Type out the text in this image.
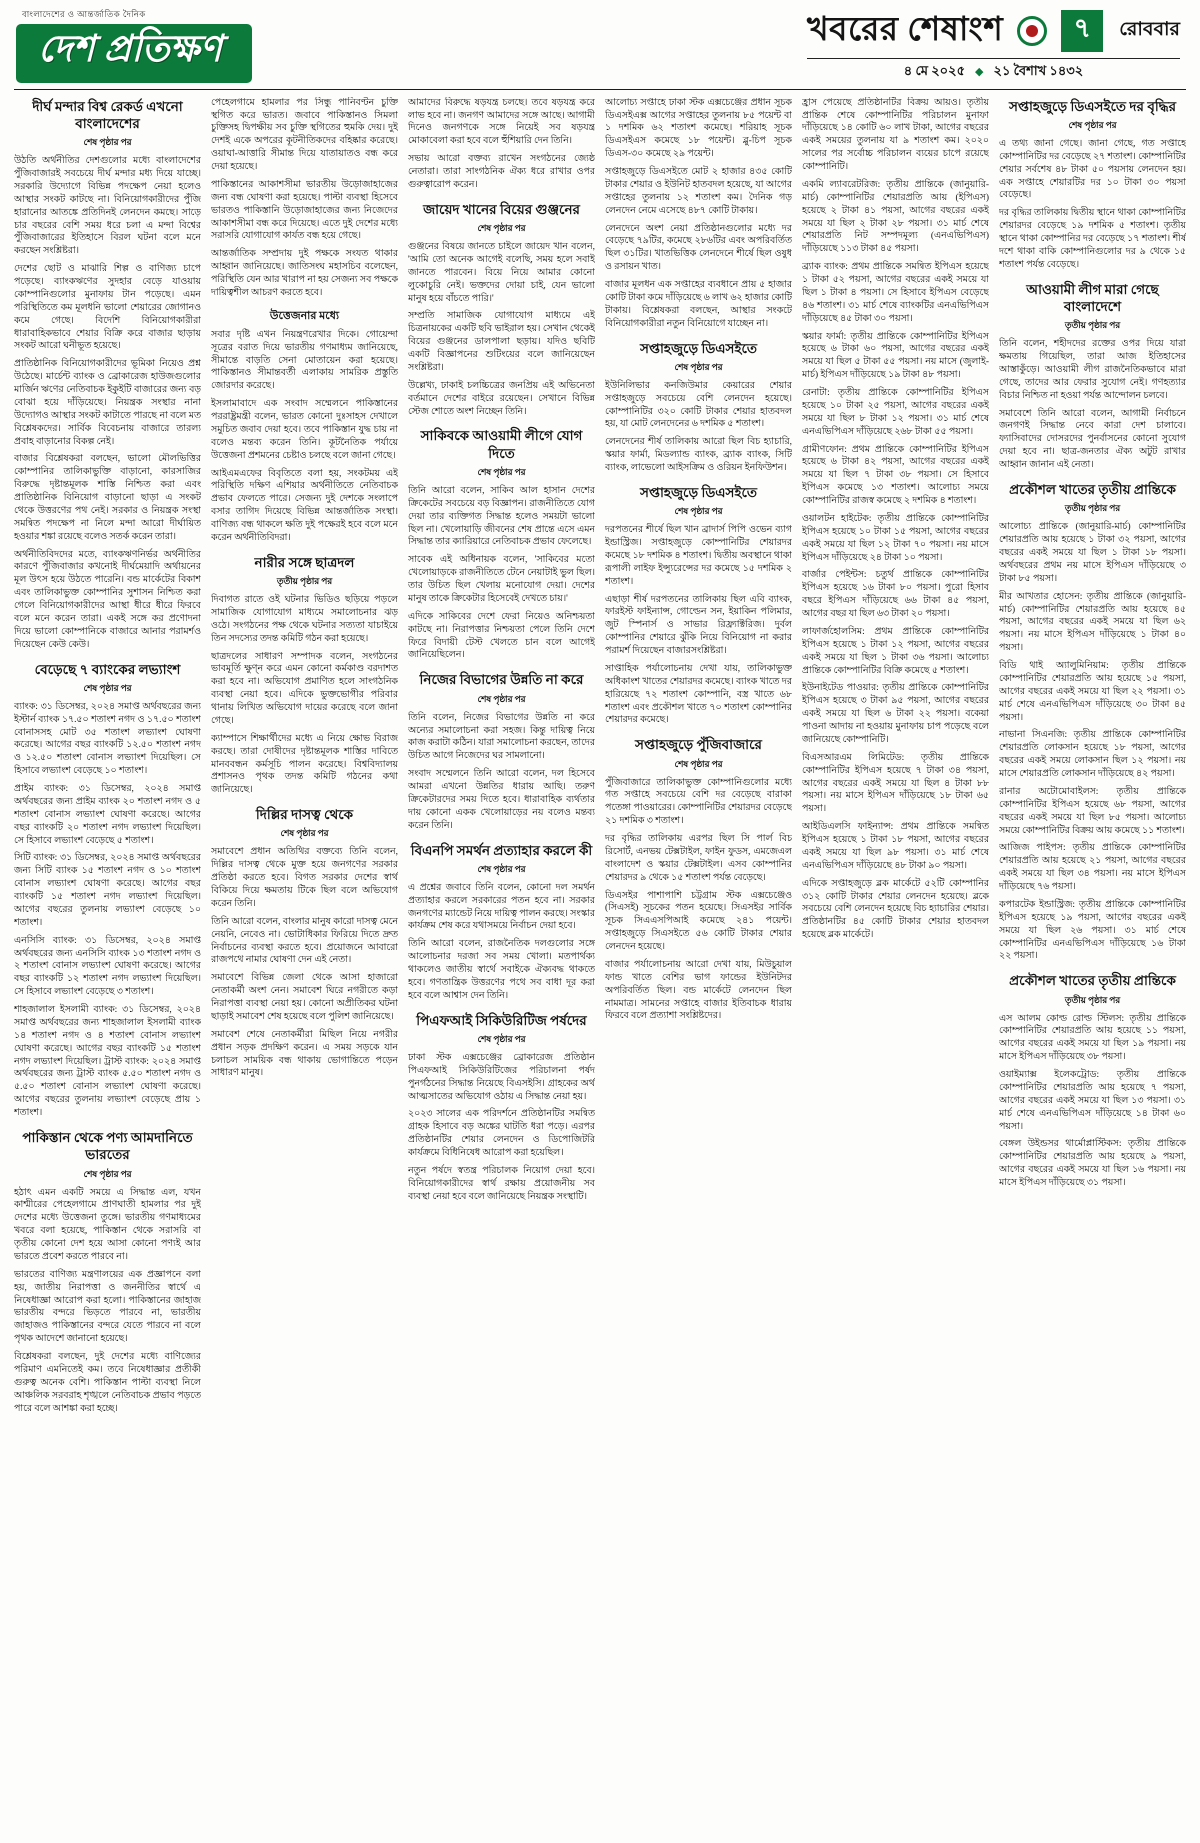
বাংলাদেশের ও আন্তর্জাতিক দৈনিক
দেশ প্রতিক্ষণ	খবরের শেষাংশ	৭	রোববার
৪ মে ২০২৫ ◆ ২১ বৈশাখ ১৪৩২
দীর্ঘ মন্দার বিশ্ব রেকর্ড এখনো বাংলাদেশের
শেষ পৃষ্ঠার পর

উঠতি অর্থনীতির দেশগুলোর মধ্যে বাংলাদেশের পুঁজিবাজারই সবচেয়ে দীর্ঘ মন্দার মধ্য দিয়ে যাচ্ছে। সরকারি উদ্যোগে বিভিন্ন পদক্ষেপ নেয়া হলেও আস্থার সংকট কাটছে না। বিনিয়োগকারীদের পুঁজি হারানোর আতঙ্কে প্রতিদিনই লেনদেন কমছে। সাড়ে চার বছরের বেশি সময় ধরে চলা এ মন্দা বিশ্বের পুঁজিবাজারের ইতিহাসে বিরল ঘটনা বলে মনে করছেন সংশ্লিষ্টরা।

দেশের ছোট ও মাঝারি শিল্প ও বাণিজ্য চাপে পড়েছে। ব্যাংকঋণের সুদহার বেড়ে যাওয়ায় কোম্পানিগুলোর মুনাফায় টান পড়েছে। এমন পরিস্থিতিতে কম মূলধনি ভালো শেয়ারের জোগানও কমে গেছে। বিদেশি বিনিয়োগকারীরা ধারাবাহিকভাবে শেয়ার বিক্রি করে বাজার ছাড়ায় সংকট আরো ঘনীভূত হয়েছে।

প্রাতিষ্ঠানিক বিনিয়োগকারীদের ভূমিকা নিয়েও প্রশ্ন উঠেছে। মার্চেন্ট ব্যাংক ও ব্রোকারেজ হাউজগুলোর মার্জিন ঋণের নেতিবাচক ইকুইটি বাজারের জন্য বড় বোঝা হয়ে দাঁড়িয়েছে। নিয়ন্ত্রক সংস্থার নানা উদ্যোগও আস্থার সংকট কাটাতে পারছে না বলে মত বিশ্লেষকদের। সার্বিক বিবেচনায় বাজারে তারল্য প্রবাহ বাড়ানোর বিকল্প নেই।

বাজার বিশ্লেষকরা বলছেন, ভালো মৌলভিত্তির কোম্পানির তালিকাভুক্তি বাড়ানো, কারসাজির বিরুদ্ধে দৃষ্টান্তমূলক শাস্তি নিশ্চিত করা এবং প্রাতিষ্ঠানিক বিনিয়োগ বাড়ানো ছাড়া এ সংকট থেকে উত্তরণের পথ নেই। সরকার ও নিয়ন্ত্রক সংস্থা সমন্বিত পদক্ষেপ না নিলে মন্দা আরো দীর্ঘায়িত হওয়ার শঙ্কা রয়েছে বলেও সতর্ক করেন তারা।

অর্থনীতিবিদদের মতে, ব্যাংকঋণনির্ভর অর্থনীতির কারণে পুঁজিবাজার কখনোই দীর্ঘমেয়াদি অর্থায়নের মূল উৎস হয়ে উঠতে পারেনি। বন্ড মার্কেটের বিকাশ এবং তালিকাভুক্ত কোম্পানির সুশাসন নিশ্চিত করা গেলে বিনিয়োগকারীদের আস্থা ধীরে ধীরে ফিরবে বলে মনে করেন তারা। একই সঙ্গে কর প্রণোদনা দিয়ে ভালো কোম্পানিকে বাজারে আনার পরামর্শও দিয়েছেন কেউ কেউ।

বেড়েছে ৭ ব্যাংকের লভ্যাংশ
শেষ পৃষ্ঠার পর

ব্যাংক: ৩১ ডিসেম্বর, ২০২৪ সমাপ্ত অর্থবছরের জন্য ইস্টার্ন ব্যাংক ১৭.৫০ শতাংশ নগদ ও ১৭.৫০ শতাংশ বোনাসসহ মোট ৩৫ শতাংশ লভ্যাংশ ঘোষণা করেছে। আগের বছর ব্যাংকটি ১২.৫০ শতাংশ নগদ ও ১২.৫০ শতাংশ বোনাস লভ্যাংশ দিয়েছিল। সে হিসাবে লভ্যাংশ বেড়েছে ১০ শতাংশ।

প্রাইম ব্যাংক: ৩১ ডিসেম্বর, ২০২৪ সমাপ্ত অর্থবছরের জন্য প্রাইম ব্যাংক ২০ শতাংশ নগদ ও ৫ শতাংশ বোনাস লভ্যাংশ ঘোষণা করেছে। আগের বছর ব্যাংকটি ২০ শতাংশ নগদ লভ্যাংশ দিয়েছিল। সে হিসাবে লভ্যাংশ বেড়েছে ৫ শতাংশ।

সিটি ব্যাংক: ৩১ ডিসেম্বর, ২০২৪ সমাপ্ত অর্থবছরের জন্য সিটি ব্যাংক ১৫ শতাংশ নগদ ও ১০ শতাংশ বোনাস লভ্যাংশ ঘোষণা করেছে। আগের বছর ব্যাংকটি ১৫ শতাংশ নগদ লভ্যাংশ দিয়েছিল। আগের বছরের তুলনায় লভ্যাংশ বেড়েছে ১০ শতাংশ।

এনসিসি ব্যাংক: ৩১ ডিসেম্বর, ২০২৪ সমাপ্ত অর্থবছরের জন্য এনসিসি ব্যাংক ১৩ শতাংশ নগদ ও ২ শতাংশ বোনাস লভ্যাংশ ঘোষণা করেছে। আগের বছর ব্যাংকটি ১২ শতাংশ নগদ লভ্যাংশ দিয়েছিল। সে হিসাবে লভ্যাংশ বেড়েছে ৩ শতাংশ।

শাহজালাল ইসলামী ব্যাংক: ৩১ ডিসেম্বর, ২০২৪ সমাপ্ত অর্থবছরের জন্য শাহজালাল ইসলামী ব্যাংক ১৪ শতাংশ নগদ ও ৪ শতাংশ বোনাস লভ্যাংশ ঘোষণা করেছে। আগের বছর ব্যাংকটি ১৫ শতাংশ নগদ লভ্যাংশ দিয়েছিল। ট্রাস্ট ব্যাংক: ২০২৪ সমাপ্ত অর্থবছরের জন্য ট্রাস্ট ব্যাংক ৫.৫০ শতাংশ নগদ ও ৫.৫০ শতাংশ বোনাস লভ্যাংশ ঘোষণা করেছে। আগের বছরের তুলনায় লভ্যাংশ বেড়েছে প্রায় ১ শতাংশ।

পাকিস্তান থেকে পণ্য আমদানিতে ভারতের
শেষ পৃষ্ঠার পর

হঠাৎ এমন একটি সময়ে এ সিদ্ধান্ত এল, যখন কাশ্মীরের পেহেলগামে প্রাণঘাতী হামলার পর দুই দেশের মধ্যে উত্তেজনা তুঙ্গে। ভারতীয় গণমাধ্যমের খবরে বলা হয়েছে, পাকিস্তান থেকে সরাসরি বা তৃতীয় কোনো দেশ হয়ে আসা কোনো পণ্যই আর ভারতে প্রবেশ করতে পারবে না।

ভারতের বাণিজ্য মন্ত্রণালয়ের এক প্রজ্ঞাপনে বলা হয়, জাতীয় নিরাপত্তা ও জননীতির স্বার্থে এ নিষেধাজ্ঞা আরোপ করা হলো। পাকিস্তানের জাহাজ ভারতীয় বন্দরে ভিড়তে পারবে না, ভারতীয় জাহাজও পাকিস্তানের বন্দরে যেতে পারবে না বলে পৃথক আদেশে জানানো হয়েছে।

বিশ্লেষকরা বলছেন, দুই দেশের মধ্যে বাণিজ্যের পরিমাণ এমনিতেই কম। তবে নিষেধাজ্ঞার প্রতীকী গুরুত্ব অনেক বেশি। পাকিস্তান পাল্টা ব্যবস্থা নিলে আঞ্চলিক সরবরাহ শৃঙ্খলে নেতিবাচক প্রভাব পড়তে পারে বলে আশঙ্কা করা হচ্ছে।

পেহেলগামে হামলার পর সিন্ধু পানিবণ্টন চুক্তি স্থগিত করে ভারত। জবাবে পাকিস্তানও সিমলা চুক্তিসহ দ্বিপক্ষীয় সব চুক্তি স্থগিতের হুমকি দেয়। দুই দেশই একে অপরের কূটনীতিকদের বহিষ্কার করেছে। ওয়াঘা-আত্তারি সীমান্ত দিয়ে যাতায়াতও বন্ধ করে দেয়া হয়েছে।

পাকিস্তানের আকাশসীমা ভারতীয় উড়োজাহাজের জন্য বন্ধ ঘোষণা করা হয়েছে। পাল্টা ব্যবস্থা হিসেবে ভারতও পাকিস্তানি উড়োজাহাজের জন্য নিজেদের আকাশসীমা বন্ধ করে দিয়েছে। এতে দুই দেশের মধ্যে সরাসরি যোগাযোগ কার্যত বন্ধ হয়ে গেছে।

আন্তর্জাতিক সম্প্রদায় দুই পক্ষকে সংযত থাকার আহ্বান জানিয়েছে। জাতিসংঘ মহাসচিব বলেছেন, পরিস্থিতি যেন আর খারাপ না হয় সেজন্য সব পক্ষকে দায়িত্বশীল আচরণ করতে হবে।

উত্তেজনার মধ্যে

সবার দৃষ্টি এখন নিয়ন্ত্রণরেখার দিকে। গোয়েন্দা সূত্রের বরাত দিয়ে ভারতীয় গণমাধ্যম জানিয়েছে, সীমান্তে বাড়তি সেনা মোতায়েন করা হয়েছে। পাকিস্তানও সীমান্তবর্তী এলাকায় সামরিক প্রস্তুতি জোরদার করেছে।

ইসলামাবাদে এক সংবাদ সম্মেলনে পাকিস্তানের পররাষ্ট্রমন্ত্রী বলেন, ভারত কোনো দুঃসাহস দেখালে সমুচিত জবাব দেয়া হবে। তবে পাকিস্তান যুদ্ধ চায় না বলেও মন্তব্য করেন তিনি। কূটনৈতিক পর্যায়ে উত্তেজনা প্রশমনের চেষ্টাও চলছে বলে জানা গেছে।

আইএমএফের বিবৃতিতে বলা হয়, সংকটময় এই পরিস্থিতি দক্ষিণ এশিয়ার অর্থনীতিতে নেতিবাচক প্রভাব ফেলতে পারে। সেজন্য দুই দেশকে সংলাপে বসার তাগিদ দিয়েছে বিভিন্ন আন্তর্জাতিক সংস্থা। বাণিজ্য বন্ধ থাকলে ক্ষতি দুই পক্ষেরই হবে বলে মনে করেন অর্থনীতিবিদরা।

নারীর সঙ্গে ছাত্রদল
তৃতীয় পৃষ্ঠার পর

দিবাগত রাতে ওই ঘটনার ভিডিও ছড়িয়ে পড়লে সামাজিক যোগাযোগ মাধ্যমে সমালোচনার ঝড় ওঠে। সংগঠনের পক্ষ থেকে ঘটনার সত্যতা যাচাইয়ে তিন সদস্যের তদন্ত কমিটি গঠন করা হয়েছে।

ছাত্রদলের সাধারণ সম্পাদক বলেন, সংগঠনের ভাবমূর্তি ক্ষুণ্ন করে এমন কোনো কর্মকাণ্ড বরদাশত করা হবে না। অভিযোগ প্রমাণিত হলে সাংগঠনিক ব্যবস্থা নেয়া হবে। এদিকে ভুক্তভোগীর পরিবার থানায় লিখিত অভিযোগ দায়ের করেছে বলে জানা গেছে।

ক্যাম্পাসে শিক্ষার্থীদের মধ্যে এ নিয়ে ক্ষোভ বিরাজ করছে। তারা দোষীদের দৃষ্টান্তমূলক শাস্তির দাবিতে মানববন্ধন কর্মসূচি পালন করেছে। বিশ্ববিদ্যালয় প্রশাসনও পৃথক তদন্ত কমিটি গঠনের কথা জানিয়েছে।

দিল্লির দাসত্ব থেকে
শেষ পৃষ্ঠার পর

সমাবেশে প্রধান অতিথির বক্তব্যে তিনি বলেন, দিল্লির দাসত্ব থেকে মুক্ত হয়ে জনগণের সরকার প্রতিষ্ঠা করতে হবে। বিগত সরকার দেশের স্বার্থ বিকিয়ে দিয়ে ক্ষমতায় টিকে ছিল বলে অভিযোগ করেন তিনি।

তিনি আরো বলেন, বাংলার মানুষ কারো দাসত্ব মেনে নেয়নি, নেবেও না। ভোটাধিকার ফিরিয়ে দিতে দ্রুত নির্বাচনের ব্যবস্থা করতে হবে। প্রয়োজনে আবারো রাজপথে নামার ঘোষণা দেন এই নেতা।

সমাবেশে বিভিন্ন জেলা থেকে আসা হাজারো নেতাকর্মী অংশ নেন। সমাবেশ ঘিরে নগরীতে কড়া নিরাপত্তা ব্যবস্থা নেয়া হয়। কোনো অপ্রীতিকর ঘটনা ছাড়াই সমাবেশ শেষ হয়েছে বলে পুলিশ জানিয়েছে।

সমাবেশ শেষে নেতাকর্মীরা মিছিল নিয়ে নগরীর প্রধান সড়ক প্রদক্ষিণ করেন। এ সময় সড়কে যান চলাচল সাময়িক বন্ধ থাকায় ভোগান্তিতে পড়েন সাধারণ মানুষ।

আমাদের বিরুদ্ধে ষড়যন্ত্র চলছে। তবে ষড়যন্ত্র করে লাভ হবে না। জনগণ আমাদের সঙ্গে আছে। আগামী দিনেও জনগণকে সঙ্গে নিয়েই সব ষড়যন্ত্র মোকাবেলা করা হবে বলে হুঁশিয়ারি দেন তিনি।

সভায় আরো বক্তব্য রাখেন সংগঠনের জ্যেষ্ঠ নেতারা। তারা সাংগঠনিক ঐক্য ধরে রাখার ওপর গুরুত্বারোপ করেন।

জায়েদ খানের বিয়ের গুঞ্জনের
শেষ পৃষ্ঠার পর

গুঞ্জনের বিষয়ে জানতে চাইলে জায়েদ খান বলেন, 'আমি তো অনেক আগেই বলেছি, সময় হলে সবাই জানতে পারবেন। বিয়ে নিয়ে আমার কোনো লুকোচুরি নেই। ভক্তদের দোয়া চাই, যেন ভালো মানুষ হয়ে বাঁচতে পারি।'

সম্প্রতি সামাজিক যোগাযোগ মাধ্যমে এই চিত্রনায়কের একটি ছবি ভাইরাল হয়। সেখান থেকেই বিয়ের গুঞ্জনের ডালপালা ছড়ায়। যদিও ছবিটি একটি বিজ্ঞাপনের শুটিংয়ের বলে জানিয়েছেন সংশ্লিষ্টরা।

উল্লেখ্য, ঢাকাই চলচ্চিত্রের জনপ্রিয় এই অভিনেতা বর্তমানে দেশের বাইরে রয়েছেন। সেখানে বিভিন্ন স্টেজ শোতে অংশ নিচ্ছেন তিনি।

সাকিবকে আওয়ামী লীগে যোগ দিতে
শেষ পৃষ্ঠার পর

তিনি আরো বলেন, সাকিব আল হাসান দেশের ক্রিকেটের সবচেয়ে বড় বিজ্ঞাপন। রাজনীতিতে যোগ দেয়া তার ব্যক্তিগত সিদ্ধান্ত হলেও সময়টা ভালো ছিল না। খেলোয়াড়ি জীবনের শেষ প্রান্তে এসে এমন সিদ্ধান্ত তার ক্যারিয়ারে নেতিবাচক প্রভাব ফেলেছে।

সাবেক এই অধিনায়ক বলেন, 'সাকিবের মতো খেলোয়াড়কে রাজনীতিতে টেনে নেয়াটাই ভুল ছিল। তার উচিত ছিল খেলায় মনোযোগ দেয়া। দেশের মানুষ তাকে ক্রিকেটার হিসেবেই দেখতে চায়।'

এদিকে সাকিবের দেশে ফেরা নিয়েও অনিশ্চয়তা কাটছে না। নিরাপত্তার নিশ্চয়তা পেলে তিনি দেশে ফিরে বিদায়ী টেস্ট খেলতে চান বলে আগেই জানিয়েছিলেন।

নিজের বিভাগের উন্নতি না করে
শেষ পৃষ্ঠার পর

তিনি বলেন, নিজের বিভাগের উন্নতি না করে অন্যের সমালোচনা করা সহজ। কিন্তু দায়িত্ব নিয়ে কাজ করাটা কঠিন। যারা সমালোচনা করছেন, তাদের উচিত আগে নিজেদের ঘর সামলানো।

সংবাদ সম্মেলনে তিনি আরো বলেন, দল হিসেবে আমরা এখনো উন্নতির ধারায় আছি। তরুণ ক্রিকেটারদের সময় দিতে হবে। ধারাবাহিক ব্যর্থতার দায় কোনো একক খেলোয়াড়ের নয় বলেও মন্তব্য করেন তিনি।

বিএনপি সমর্থন প্রত্যাহার করলে কী
শেষ পৃষ্ঠার পর

এ প্রশ্নের জবাবে তিনি বলেন, কোনো দল সমর্থন প্রত্যাহার করলে সরকারের পতন হবে না। সরকার জনগণের ম্যান্ডেট নিয়ে দায়িত্ব পালন করছে। সংস্কার কার্যক্রম শেষ করে যথাসময়ে নির্বাচন দেয়া হবে।

তিনি আরো বলেন, রাজনৈতিক দলগুলোর সঙ্গে আলোচনার দরজা সব সময় খোলা। মতপার্থক্য থাকলেও জাতীয় স্বার্থে সবাইকে ঐক্যবদ্ধ থাকতে হবে। গণতান্ত্রিক উত্তরণের পথে সব বাধা দূর করা হবে বলে আশ্বাস দেন তিনি।

পিএফআই সিকিউরিটিজ পর্ষদের
শেষ পৃষ্ঠার পর

ঢাকা স্টক এক্সচেঞ্জের ব্রোকারেজ প্রতিষ্ঠান পিএফআই সিকিউরিটিজের পরিচালনা পর্ষদ পুনর্গঠনের সিদ্ধান্ত নিয়েছে বিএসইসি। গ্রাহকের অর্থ আত্মসাতের অভিযোগ ওঠায় এ সিদ্ধান্ত নেয়া হয়।

২০২৩ সালের এক পরিদর্শনে প্রতিষ্ঠানটির সমন্বিত গ্রাহক হিসাবে বড় অঙ্কের ঘাটতি ধরা পড়ে। এরপর প্রতিষ্ঠানটির শেয়ার লেনদেন ও ডিপোজিটরি কার্যক্রমে বিধিনিষেধ আরোপ করা হয়েছিল।

নতুন পর্ষদে স্বতন্ত্র পরিচালক নিয়োগ দেয়া হবে। বিনিয়োগকারীদের স্বার্থ রক্ষায় প্রয়োজনীয় সব ব্যবস্থা নেয়া হবে বলে জানিয়েছে নিয়ন্ত্রক সংস্থাটি।

আলোচ্য সপ্তাহে ঢাকা স্টক এক্সচেঞ্জের প্রধান সূচক ডিএসইএক্স আগের সপ্তাহের তুলনায় ৮৫ পয়েন্ট বা ১ দশমিক ৬২ শতাংশ কমেছে। শরিয়াহ সূচক ডিএসইএস কমেছে ১৮ পয়েন্ট। ব্লু-চিপ সূচক ডিএস-৩০ কমেছে ২৯ পয়েন্ট।

সপ্তাহজুড়ে ডিএসইতে মোট ২ হাজার ৪৩৫ কোটি টাকার শেয়ার ও ইউনিট হাতবদল হয়েছে, যা আগের সপ্তাহের তুলনায় ১২ শতাংশ কম। দৈনিক গড় লেনদেন নেমে এসেছে ৪৮৭ কোটি টাকায়।

লেনদেনে অংশ নেয়া প্রতিষ্ঠানগুলোর মধ্যে দর বেড়েছে ৭৯টির, কমেছে ২৮৬টির এবং অপরিবর্তিত ছিল ৩১টির। খাতভিত্তিক লেনদেনে শীর্ষে ছিল ওষুধ ও রসায়ন খাত।

বাজার মূলধন এক সপ্তাহের ব্যবধানে প্রায় ৫ হাজার কোটি টাকা কমে দাঁড়িয়েছে ৬ লাখ ৬২ হাজার কোটি টাকায়। বিশ্লেষকরা বলছেন, আস্থার সংকটে বিনিয়োগকারীরা নতুন বিনিয়োগে যাচ্ছেন না।

সপ্তাহজুড়ে ডিএসইতে
শেষ পৃষ্ঠার পর

ইউনিলিভার কনজিউমার কেয়ারের শেয়ার সপ্তাহজুড়ে সবচেয়ে বেশি লেনদেন হয়েছে। কোম্পানিটির ৩২০ কোটি টাকার শেয়ার হাতবদল হয়, যা মোট লেনদেনের ৬ দশমিক ৫ শতাংশ।

লেনদেনের শীর্ষ তালিকায় আরো ছিল বিচ হ্যাচারি, স্কয়ার ফার্মা, মিডল্যান্ড ব্যাংক, ব্র্যাক ব্যাংক, সিটি ব্যাংক, লাভেলো আইসক্রিম ও ওরিয়ন ইনফিউশন।

সপ্তাহজুড়ে ডিএসইতে
শেষ পৃষ্ঠার পর

দরপতনের শীর্ষে ছিল খান ব্রাদার্স পিপি ওভেন ব্যাগ ইন্ডাস্ট্রিজ। সপ্তাহজুড়ে কোম্পানিটির শেয়ারদর কমেছে ১৮ দশমিক ৪ শতাংশ। দ্বিতীয় অবস্থানে থাকা রূপালী লাইফ ইন্স্যুরেন্সের দর কমেছে ১৫ দশমিক ২ শতাংশ।

এছাড়া শীর্ষ দরপতনের তালিকায় ছিল এবি ব্যাংক, ফারইস্ট ফাইন্যান্স, গোল্ডেন সন, ইয়াকিন পলিমার, জুট স্পিনার্স ও সাভার রিফ্র্যাক্টরিজ। দুর্বল কোম্পানির শেয়ারে ঝুঁকি নিয়ে বিনিয়োগ না করার পরামর্শ দিয়েছেন বাজারসংশ্লিষ্টরা।

সাপ্তাহিক পর্যালোচনায় দেখা যায়, তালিকাভুক্ত অধিকাংশ খাতের শেয়ারদর কমেছে। ব্যাংক খাতে দর হারিয়েছে ৭২ শতাংশ কোম্পানি, বস্ত্র খাতে ৬৮ শতাংশ এবং প্রকৌশল খাতে ৭০ শতাংশ কোম্পানির শেয়ারদর কমেছে।

সপ্তাহজুড়ে পুঁজিবাজারে
শেষ পৃষ্ঠার পর

পুঁজিবাজারে তালিকাভুক্ত কোম্পানিগুলোর মধ্যে গত সপ্তাহে সবচেয়ে বেশি দর বেড়েছে বারাকা পতেঙ্গা পাওয়ারের। কোম্পানিটির শেয়ারদর বেড়েছে ২১ দশমিক ৩ শতাংশ।

দর বৃদ্ধির তালিকায় এরপর ছিল সি পার্ল বিচ রিসোর্ট, এনভয় টেক্সটাইল, ফাইন ফুডস, এমজেএল বাংলাদেশ ও স্কয়ার টেক্সটাইল। এসব কোম্পানির শেয়ারদর ৯ থেকে ১৫ শতাংশ পর্যন্ত বেড়েছে।

ডিএসইর পাশাপাশি চট্টগ্রাম স্টক এক্সচেঞ্জেও (সিএসই) সূচকের পতন হয়েছে। সিএসইর সার্বিক সূচক সিএএসপিআই কমেছে ২৪১ পয়েন্ট। সপ্তাহজুড়ে সিএসইতে ৫৬ কোটি টাকার শেয়ার লেনদেন হয়েছে।

বাজার পর্যালোচনায় আরো দেখা যায়, মিউচুয়াল ফান্ড খাতে বেশির ভাগ ফান্ডের ইউনিটদর অপরিবর্তিত ছিল। বন্ড মার্কেটে লেনদেন ছিল নামমাত্র। সামনের সপ্তাহে বাজার ইতিবাচক ধারায় ফিরবে বলে প্রত্যাশা সংশ্লিষ্টদের।

হ্রাস পেয়েছে প্রতিষ্ঠানটির বিক্রয় আয়ও। তৃতীয় প্রান্তিক শেষে কোম্পানিটির পরিচালন মুনাফা দাঁড়িয়েছে ১৪ কোটি ৬০ লাখ টাকা, আগের বছরের একই সময়ের তুলনায় যা ৯ শতাংশ কম। ২০২০ সালের পর সর্বোচ্চ পরিচালন ব্যয়ের চাপে রয়েছে কোম্পানিটি।

একমি ল্যাবরেটরিজ: তৃতীয় প্রান্তিকে (জানুয়ারি-মার্চ) কোম্পানিটির শেয়ারপ্রতি আয় (ইপিএস) হয়েছে ২ টাকা ৪১ পয়সা, আগের বছরের একই সময়ে যা ছিল ২ টাকা ২৮ পয়সা। ৩১ মার্চ শেষে শেয়ারপ্রতি নিট সম্পদমূল্য (এনএভিপিএস) দাঁড়িয়েছে ১১৩ টাকা ৪৫ পয়সা।

ব্র্যাক ব্যাংক: প্রথম প্রান্তিকে সমন্বিত ইপিএস হয়েছে ১ টাকা ৫২ পয়সা, আগের বছরের একই সময়ে যা ছিল ১ টাকা ৪ পয়সা। সে হিসাবে ইপিএস বেড়েছে ৪৬ শতাংশ। ৩১ মার্চ শেষে ব্যাংকটির এনএভিপিএস দাঁড়িয়েছে ৪৫ টাকা ৩০ পয়সা।

স্কয়ার ফার্মা: তৃতীয় প্রান্তিকে কোম্পানিটির ইপিএস হয়েছে ৬ টাকা ৬০ পয়সা, আগের বছরের একই সময়ে যা ছিল ৫ টাকা ৫৫ পয়সা। নয় মাসে (জুলাই-মার্চ) ইপিএস দাঁড়িয়েছে ১৯ টাকা ৪৮ পয়সা।

রেনাটা: তৃতীয় প্রান্তিকে কোম্পানিটির ইপিএস হয়েছে ১০ টাকা ২৫ পয়সা, আগের বছরের একই সময়ে যা ছিল ৮ টাকা ১২ পয়সা। ৩১ মার্চ শেষে এনএভিপিএস দাঁড়িয়েছে ২৬৮ টাকা ৫৫ পয়সা।

গ্রামীণফোন: প্রথম প্রান্তিকে কোম্পানিটির ইপিএস হয়েছে ৬ টাকা ৪২ পয়সা, আগের বছরের একই সময়ে যা ছিল ৭ টাকা ৩৮ পয়সা। সে হিসাবে ইপিএস কমেছে ১৩ শতাংশ। আলোচ্য সময়ে কোম্পানিটির রাজস্ব কমেছে ২ দশমিক ৪ শতাংশ।

ওয়ালটন হাইটেক: তৃতীয় প্রান্তিকে কোম্পানিটির ইপিএস হয়েছে ১০ টাকা ১৫ পয়সা, আগের বছরের একই সময়ে যা ছিল ১২ টাকা ৭০ পয়সা। নয় মাসে ইপিএস দাঁড়িয়েছে ২৪ টাকা ১০ পয়সা।

বার্জার পেইন্টস: চতুর্থ প্রান্তিকে কোম্পানিটির ইপিএস হয়েছে ১৬ টাকা ৮০ পয়সা। পুরো হিসাব বছরে ইপিএস দাঁড়িয়েছে ৬৬ টাকা ৪৫ পয়সা, আগের বছর যা ছিল ৬৩ টাকা ২০ পয়সা।

লাফার্জহোলসিম: প্রথম প্রান্তিকে কোম্পানিটির ইপিএস হয়েছে ১ টাকা ১২ পয়সা, আগের বছরের একই সময়ে যা ছিল ১ টাকা ৩৬ পয়সা। আলোচ্য প্রান্তিকে কোম্পানিটির বিক্রি কমেছে ৫ শতাংশ।

ইউনাইটেড পাওয়ার: তৃতীয় প্রান্তিকে কোম্পানিটির ইপিএস হয়েছে ৩ টাকা ৯৫ পয়সা, আগের বছরের একই সময়ে যা ছিল ৬ টাকা ২২ পয়সা। বকেয়া পাওনা আদায় না হওয়ায় মুনাফায় চাপ পড়েছে বলে জানিয়েছে কোম্পানিটি।

বিএসআরএম লিমিটেড: তৃতীয় প্রান্তিকে কোম্পানিটির ইপিএস হয়েছে ৭ টাকা ৩৪ পয়সা, আগের বছরের একই সময়ে যা ছিল ৪ টাকা ৮৮ পয়সা। নয় মাসে ইপিএস দাঁড়িয়েছে ১৮ টাকা ৬৫ পয়সা।

আইডিএলসি ফাইন্যান্স: প্রথম প্রান্তিকে সমন্বিত ইপিএস হয়েছে ১ টাকা ১৮ পয়সা, আগের বছরের একই সময়ে যা ছিল ৯৮ পয়সা। ৩১ মার্চ শেষে এনএভিপিএস দাঁড়িয়েছে ৪৮ টাকা ৯০ পয়সা।

এদিকে সপ্তাহজুড়ে ব্লক মার্কেটে ৫২টি কোম্পানির ৩১২ কোটি টাকার শেয়ার লেনদেন হয়েছে। ব্লকে সবচেয়ে বেশি লেনদেন হয়েছে বিচ হ্যাচারির শেয়ার। প্রতিষ্ঠানটির ৪৫ কোটি টাকার শেয়ার হাতবদল হয়েছে ব্লক মার্কেটে।

সপ্তাহজুড়ে ডিএসইতে দর বৃদ্ধির
শেষ পৃষ্ঠার পর

এ তথ্য জানা গেছে। জানা গেছে, গত সপ্তাহে কোম্পানিটির দর বেড়েছে ২৭ শতাংশ। কোম্পানিটির শেয়ার সর্বশেষ ৪৮ টাকা ৫০ পয়সায় লেনদেন হয়। এক সপ্তাহে শেয়ারটির দর ১০ টাকা ৩০ পয়সা বেড়েছে।

দর বৃদ্ধির তালিকায় দ্বিতীয় স্থানে থাকা কোম্পানিটির শেয়ারদর বেড়েছে ১৯ দশমিক ৫ শতাংশ। তৃতীয় স্থানে থাকা কোম্পানির দর বেড়েছে ১৭ শতাংশ। শীর্ষ দশে থাকা বাকি কোম্পানিগুলোর দর ৯ থেকে ১৫ শতাংশ পর্যন্ত বেড়েছে।

আওয়ামী লীগ মারা গেছে বাংলাদেশে
তৃতীয় পৃষ্ঠার পর

তিনি বলেন, শহীদদের রক্তের ওপর দিয়ে যারা ক্ষমতায় গিয়েছিল, তারা আজ ইতিহাসের আস্তাকুঁড়ে। আওয়ামী লীগ রাজনৈতিকভাবে মারা গেছে, তাদের আর ফেরার সুযোগ নেই। গণহত্যার বিচার নিশ্চিত না হওয়া পর্যন্ত আন্দোলন চলবে।

সমাবেশে তিনি আরো বলেন, আগামী নির্বাচনে জনগণই সিদ্ধান্ত নেবে কারা দেশ চালাবে। ফ্যাসিবাদের দোসরদের পুনর্বাসনের কোনো সুযোগ দেয়া হবে না। ছাত্র-জনতার ঐক্য অটুট রাখার আহ্বান জানান এই নেতা।

প্রকৌশল খাতের তৃতীয় প্রান্তিকে
তৃতীয় পৃষ্ঠার পর

আলোচ্য প্রান্তিকে (জানুয়ারি-মার্চ) কোম্পানিটির শেয়ারপ্রতি আয় হয়েছে ১ টাকা ৩২ পয়সা, আগের বছরের একই সময়ে যা ছিল ১ টাকা ১৮ পয়সা। অর্থবছরের প্রথম নয় মাসে ইপিএস দাঁড়িয়েছে ৩ টাকা ৮৫ পয়সা।

মীর আখতার হোসেন: তৃতীয় প্রান্তিকে (জানুয়ারি-মার্চ) কোম্পানিটির শেয়ারপ্রতি আয় হয়েছে ৪৫ পয়সা, আগের বছরের একই সময়ে যা ছিল ৬২ পয়সা। নয় মাসে ইপিএস দাঁড়িয়েছে ১ টাকা ৪০ পয়সা।

বিডি থাই অ্যালুমিনিয়াম: তৃতীয় প্রান্তিকে কোম্পানিটির শেয়ারপ্রতি আয় হয়েছে ১৫ পয়সা, আগের বছরের একই সময়ে যা ছিল ২২ পয়সা। ৩১ মার্চ শেষে এনএভিপিএস দাঁড়িয়েছে ৩০ টাকা ৪৫ পয়সা।

নাভানা সিএনজি: তৃতীয় প্রান্তিকে কোম্পানিটির শেয়ারপ্রতি লোকসান হয়েছে ১৮ পয়সা, আগের বছরের একই সময়ে লোকসান ছিল ১২ পয়সা। নয় মাসে শেয়ারপ্রতি লোকসান দাঁড়িয়েছে ৪২ পয়সা।

রানার অটোমোবাইলস: তৃতীয় প্রান্তিকে কোম্পানিটির ইপিএস হয়েছে ৬৮ পয়সা, আগের বছরের একই সময়ে যা ছিল ৮৫ পয়সা। আলোচ্য সময়ে কোম্পানিটির বিক্রয় আয় কমেছে ১১ শতাংশ।

আজিজ পাইপস: তৃতীয় প্রান্তিকে কোম্পানিটির শেয়ারপ্রতি আয় হয়েছে ২১ পয়সা, আগের বছরের একই সময়ে যা ছিল ৩৪ পয়সা। নয় মাসে ইপিএস দাঁড়িয়েছে ৭৬ পয়সা।

কপারটেক ইন্ডাস্ট্রিজ: তৃতীয় প্রান্তিকে কোম্পানিটির ইপিএস হয়েছে ১৯ পয়সা, আগের বছরের একই সময়ে যা ছিল ২৬ পয়সা। ৩১ মার্চ শেষে কোম্পানিটির এনএভিপিএস দাঁড়িয়েছে ১৬ টাকা ২২ পয়সা।

প্রকৌশল খাতের তৃতীয় প্রান্তিকে
তৃতীয় পৃষ্ঠার পর

এস আলম কোল্ড রোল্ড স্টিলস: তৃতীয় প্রান্তিকে কোম্পানিটির শেয়ারপ্রতি আয় হয়েছে ১১ পয়সা, আগের বছরের একই সময়ে যা ছিল ১৯ পয়সা। নয় মাসে ইপিএস দাঁড়িয়েছে ৩৮ পয়সা।

ওয়াইম্যাক্স ইলেকট্রোড: তৃতীয় প্রান্তিকে কোম্পানিটির শেয়ারপ্রতি আয় হয়েছে ৭ পয়সা, আগের বছরের একই সময়ে যা ছিল ১৩ পয়সা। ৩১ মার্চ শেষে এনএভিপিএস দাঁড়িয়েছে ১৪ টাকা ৬০ পয়সা।

বেঙ্গল উইন্ডসর থার্মোপ্লাস্টিকস: তৃতীয় প্রান্তিকে কোম্পানিটির শেয়ারপ্রতি আয় হয়েছে ৯ পয়সা, আগের বছরের একই সময়ে যা ছিল ১৬ পয়সা। নয় মাসে ইপিএস দাঁড়িয়েছে ৩১ পয়সা।
